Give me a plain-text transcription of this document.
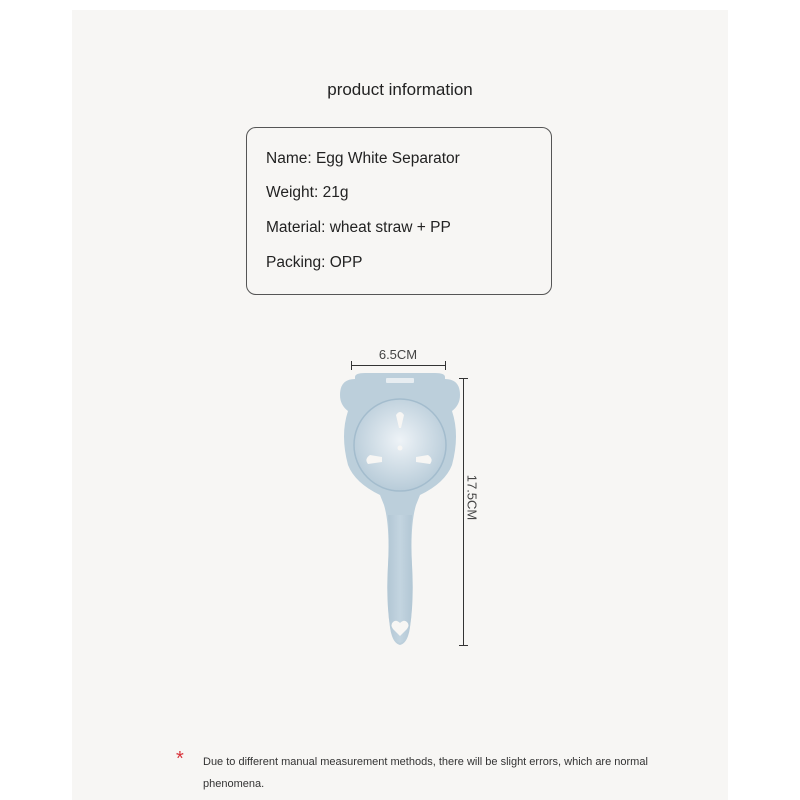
product information
Name: Egg White Separator
Weight: 21g
Material: wheat straw + PP
Packing: OPP
6.5CM
17.5CM
* Due to different manual measurement methods, there will be slight errors, which are normal phenomena.
